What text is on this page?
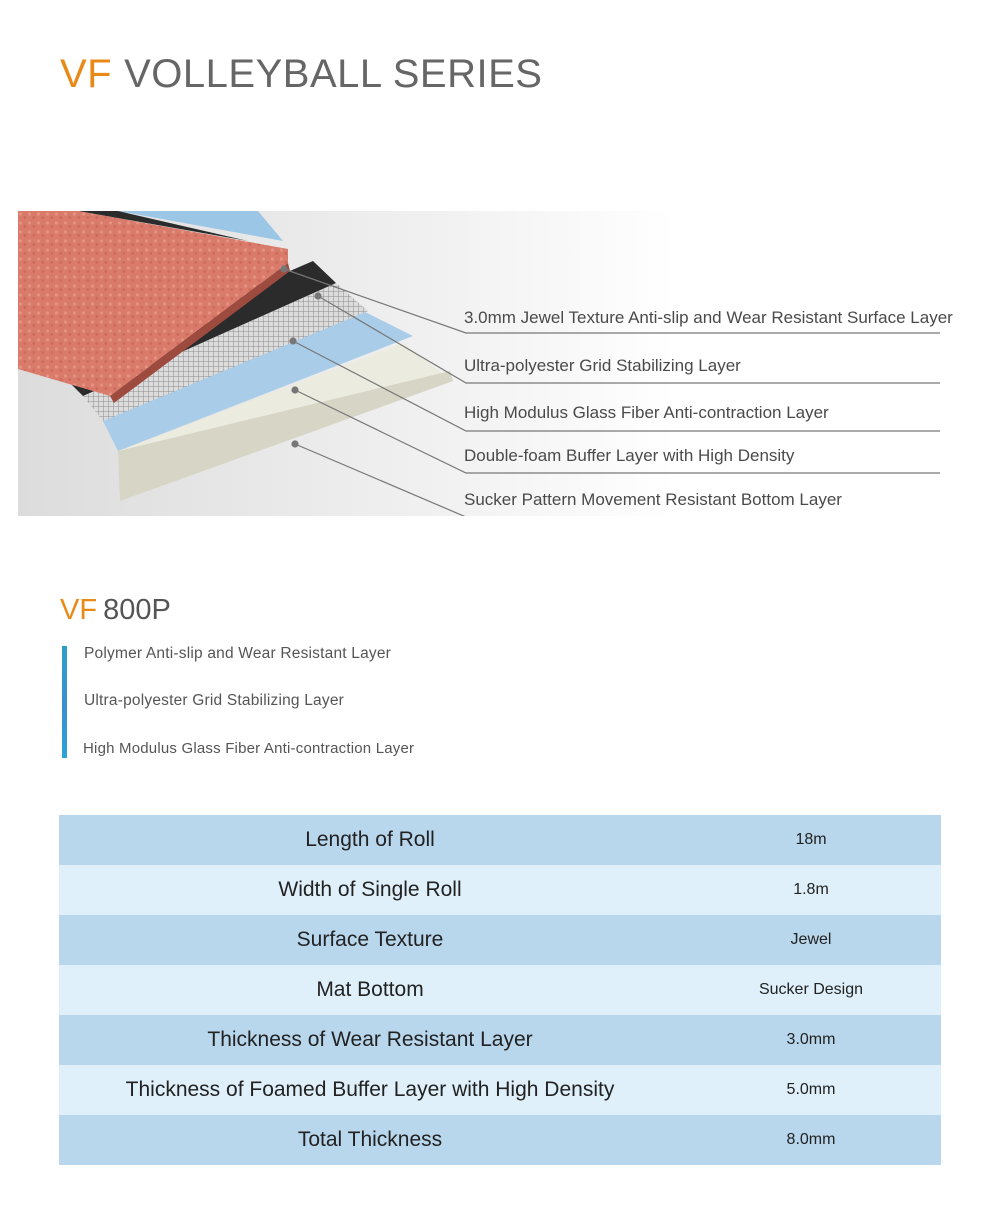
VF VOLLEYBALL SERIES
3.0mm Jewel Texture Anti-slip and Wear Resistant Surface Layer
Ultra-polyester Grid Stabilizing Layer
High Modulus Glass Fiber Anti-contraction Layer
Double-foam Buffer Layer with High Density
Sucker Pattern Movement Resistant Bottom Layer
VF 800P
Polymer Anti-slip and Wear Resistant Layer
Ultra-polyester Grid Stabilizing Layer
High Modulus Glass Fiber Anti-contraction Layer
Length of Roll	18m
Width of Single Roll	1.8m
Surface Texture	Jewel
Mat Bottom	Sucker Design
Thickness of Wear Resistant Layer	3.0mm
Thickness of Foamed Buffer Layer with High Density	5.0mm
Total Thickness	8.0mm
